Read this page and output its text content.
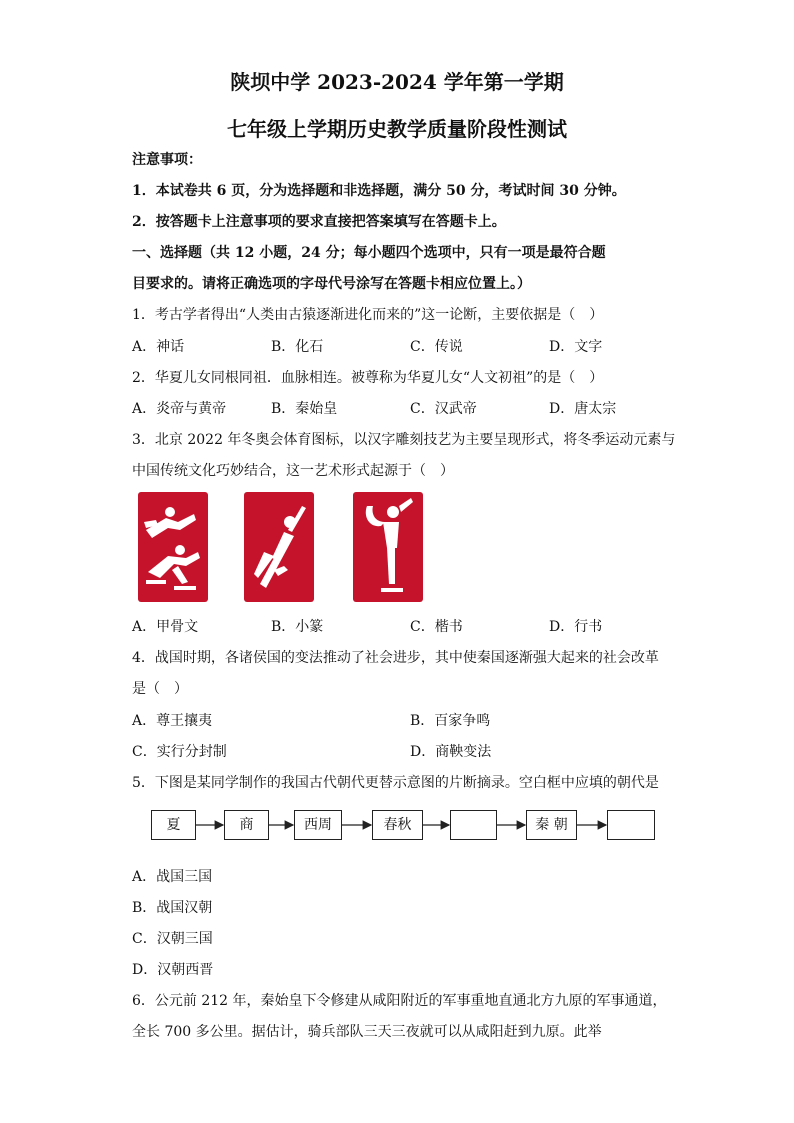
陕坝中学 2023-2024 学年第一学期
七年级上学期历史教学质量阶段性测试
注意事项：
1．本试卷共 6 页，分为选择题和非选择题，满分 50 分，考试时间 30 分钟。
2．按答题卡上注意事项的要求直接把答案填写在答题卡上。
一、选择题（共 12 小题，24 分；每小题四个选项中，只有一项是最符合题
目要求的。请将正确选项的字母代号涂写在答题卡相应位置上。）
1．考古学者得出“人类由古猿逐渐进化而来的”这一论断，主要依据是（　）
A．神话	B．化石	C．传说	D．文字
2．华夏儿女同根同祖．血脉相连。被尊称为华夏儿女“人文初祖”的是（　）
A．炎帝与黄帝	B．秦始皇	C．汉武帝	D．唐太宗
3．北京 2022 年冬奥会体育图标，以汉字雕刻技艺为主要呈现形式，将冬季运动元素与
中国传统文化巧妙结合，这一艺术形式起源于（　）
A．甲骨文	B．小篆	C．楷书	D．行书
4．战国时期，各诸侯国的变法推动了社会进步，其中使秦国逐渐强大起来的社会改革
是（　）
A．尊王攘夷	B．百家争鸣
C．实行分封制	D．商鞅变法
5．下图是某同学制作的我国古代朝代更替示意图的片断摘录。空白框中应填的朝代是
夏	商	西周	春秋	秦 朝
A．战国三国
B．战国汉朝
C．汉朝三国
D．汉朝西晋
6．公元前 212 年，秦始皇下令修建从咸阳附近的军事重地直通北方九原的军事通道，
全长 700 多公里。据估计，骑兵部队三天三夜就可以从咸阳赶到九原。此举
